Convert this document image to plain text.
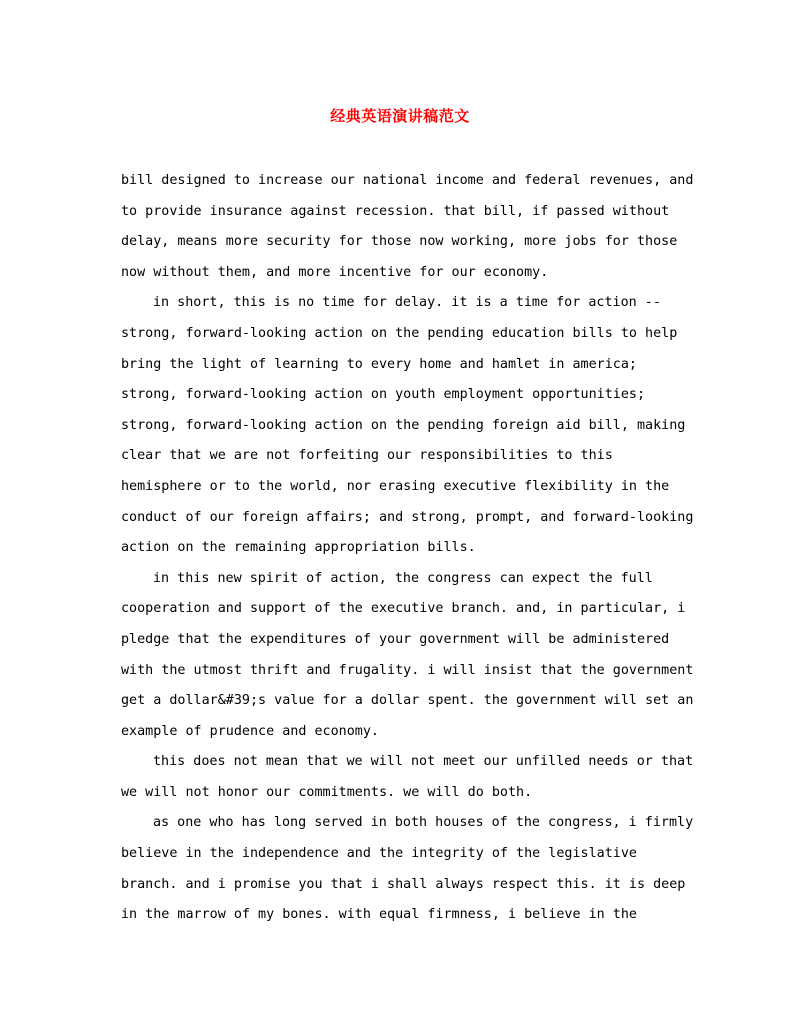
经典英语演讲稿范文
bill designed to increase our national income and federal revenues, and
to provide insurance against recession. that bill, if passed without
delay, means more security for those now working, more jobs for those
now without them, and more incentive for our economy.
in short, this is no time for delay. it is a time for action --
strong, forward-looking action on the pending education bills to help
bring the light of learning to every home and hamlet in america;
strong, forward-looking action on youth employment opportunities;
strong, forward-looking action on the pending foreign aid bill, making
clear that we are not forfeiting our responsibilities to this
hemisphere or to the world, nor erasing executive flexibility in the
conduct of our foreign affairs; and strong, prompt, and forward-looking
action on the remaining appropriation bills.
in this new spirit of action, the congress can expect the full
cooperation and support of the executive branch. and, in particular, i
pledge that the expenditures of your government will be administered
with the utmost thrift and frugality. i will insist that the government
get a dollar&#39;s value for a dollar spent. the government will set an
example of prudence and economy.
this does not mean that we will not meet our unfilled needs or that
we will not honor our commitments. we will do both.
as one who has long served in both houses of the congress, i firmly
believe in the independence and the integrity of the legislative
branch. and i promise you that i shall always respect this. it is deep
in the marrow of my bones. with equal firmness, i believe in the
